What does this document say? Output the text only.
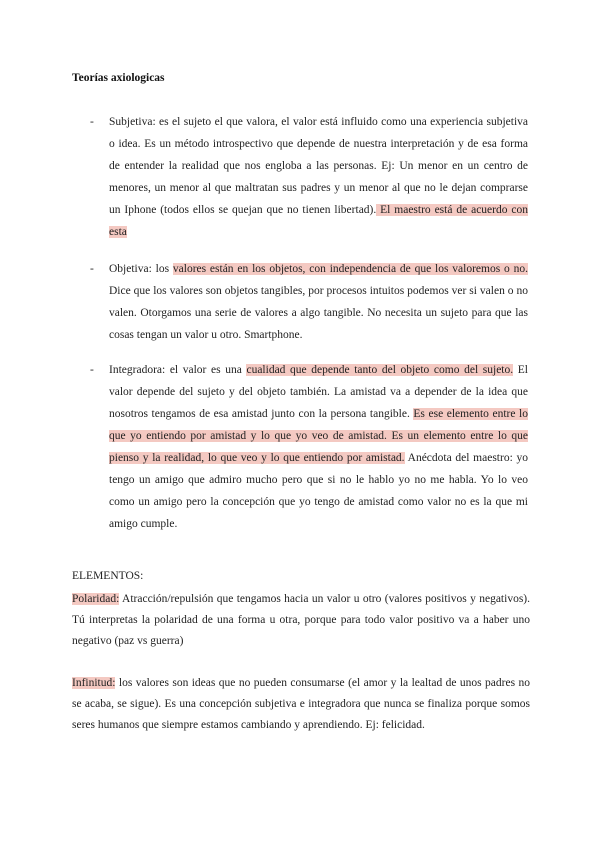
Teorías axiologicas
- Subjetiva: es el sujeto el que valora, el valor está influido como una experiencia subjetiva o idea. Es un método introspectivo que depende de nuestra interpretación y de esa forma de entender la realidad que nos engloba a las personas. Ej: Un menor en un centro de menores, un menor al que maltratan sus padres y un menor al que no le dejan comprarse un Iphone (todos ellos se quejan que no tienen libertad). El maestro está de acuerdo con esta
- Objetiva: los valores están en los objetos, con independencia de que los valoremos o no. Dice que los valores son objetos tangibles, por procesos intuitos podemos ver si valen o no valen. Otorgamos una serie de valores a algo tangible. No necesita un sujeto para que las cosas tengan un valor u otro. Smartphone.
- Integradora: el valor es una cualidad que depende tanto del objeto como del sujeto. El valor depende del sujeto y del objeto también. La amistad va a depender de la idea que nosotros tengamos de esa amistad junto con la persona tangible. Es ese elemento entre lo que yo entiendo por amistad y lo que yo veo de amistad. Es un elemento entre lo que pienso y la realidad, lo que veo y lo que entiendo por amistad. Anécdota del maestro: yo tengo un amigo que admiro mucho pero que si no le hablo yo no me habla. Yo lo veo como un amigo pero la concepción que yo tengo de amistad como valor no es la que mi amigo cumple.
ELEMENTOS:
Polaridad: Atracción/repulsión que tengamos hacia un valor u otro (valores positivos y negativos). Tú interpretas la polaridad de una forma u otra, porque para todo valor positivo va a haber uno negativo (paz vs guerra)
Infinitud: los valores son ideas que no pueden consumarse (el amor y la lealtad de unos padres no se acaba, se sigue). Es una concepción subjetiva e integradora que nunca se finaliza porque somos seres humanos que siempre estamos cambiando y aprendiendo. Ej: felicidad.
